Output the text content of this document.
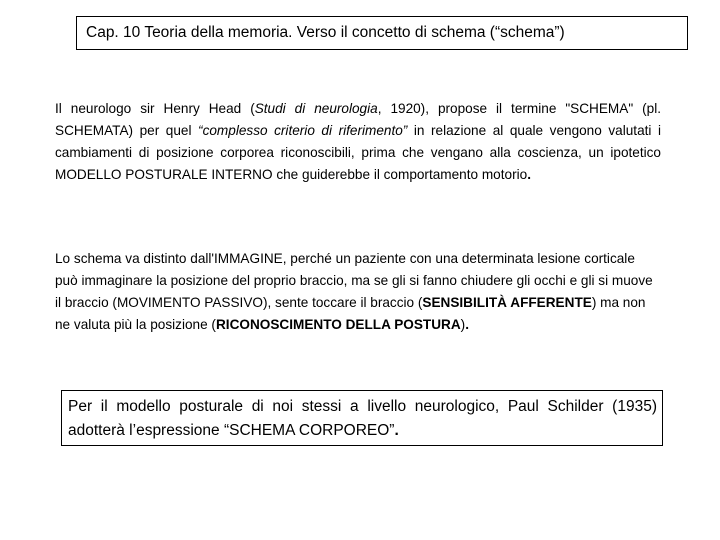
Cap. 10 Teoria della memoria. Verso il concetto di schema (“schema”)

Il neurologo sir Henry Head (Studi di neurologia, 1920), propose il termine "SCHEMA" (pl. SCHEMATA) per quel “complesso criterio di riferimento” in relazione al quale vengono valutati i cambiamenti di posizione corporea riconoscibili, prima che vengano alla coscienza, un ipotetico MODELLO POSTURALE INTERNO che guiderebbe il comportamento motorio.

Lo schema va distinto dall'IMMAGINE, perché un paziente con una determinata lesione corticale può immaginare la posizione del proprio braccio, ma se gli si fanno chiudere gli occhi e gli si muove il braccio (MOVIMENTO PASSIVO), sente toccare il braccio (SENSIBILITÀ AFFERENTE) ma non ne valuta più la posizione (RICONOSCIMENTO DELLA POSTURA).

Per il modello posturale di noi stessi a livello neurologico, Paul Schilder (1935) adotterà l’espressione “SCHEMA CORPOREO”.
